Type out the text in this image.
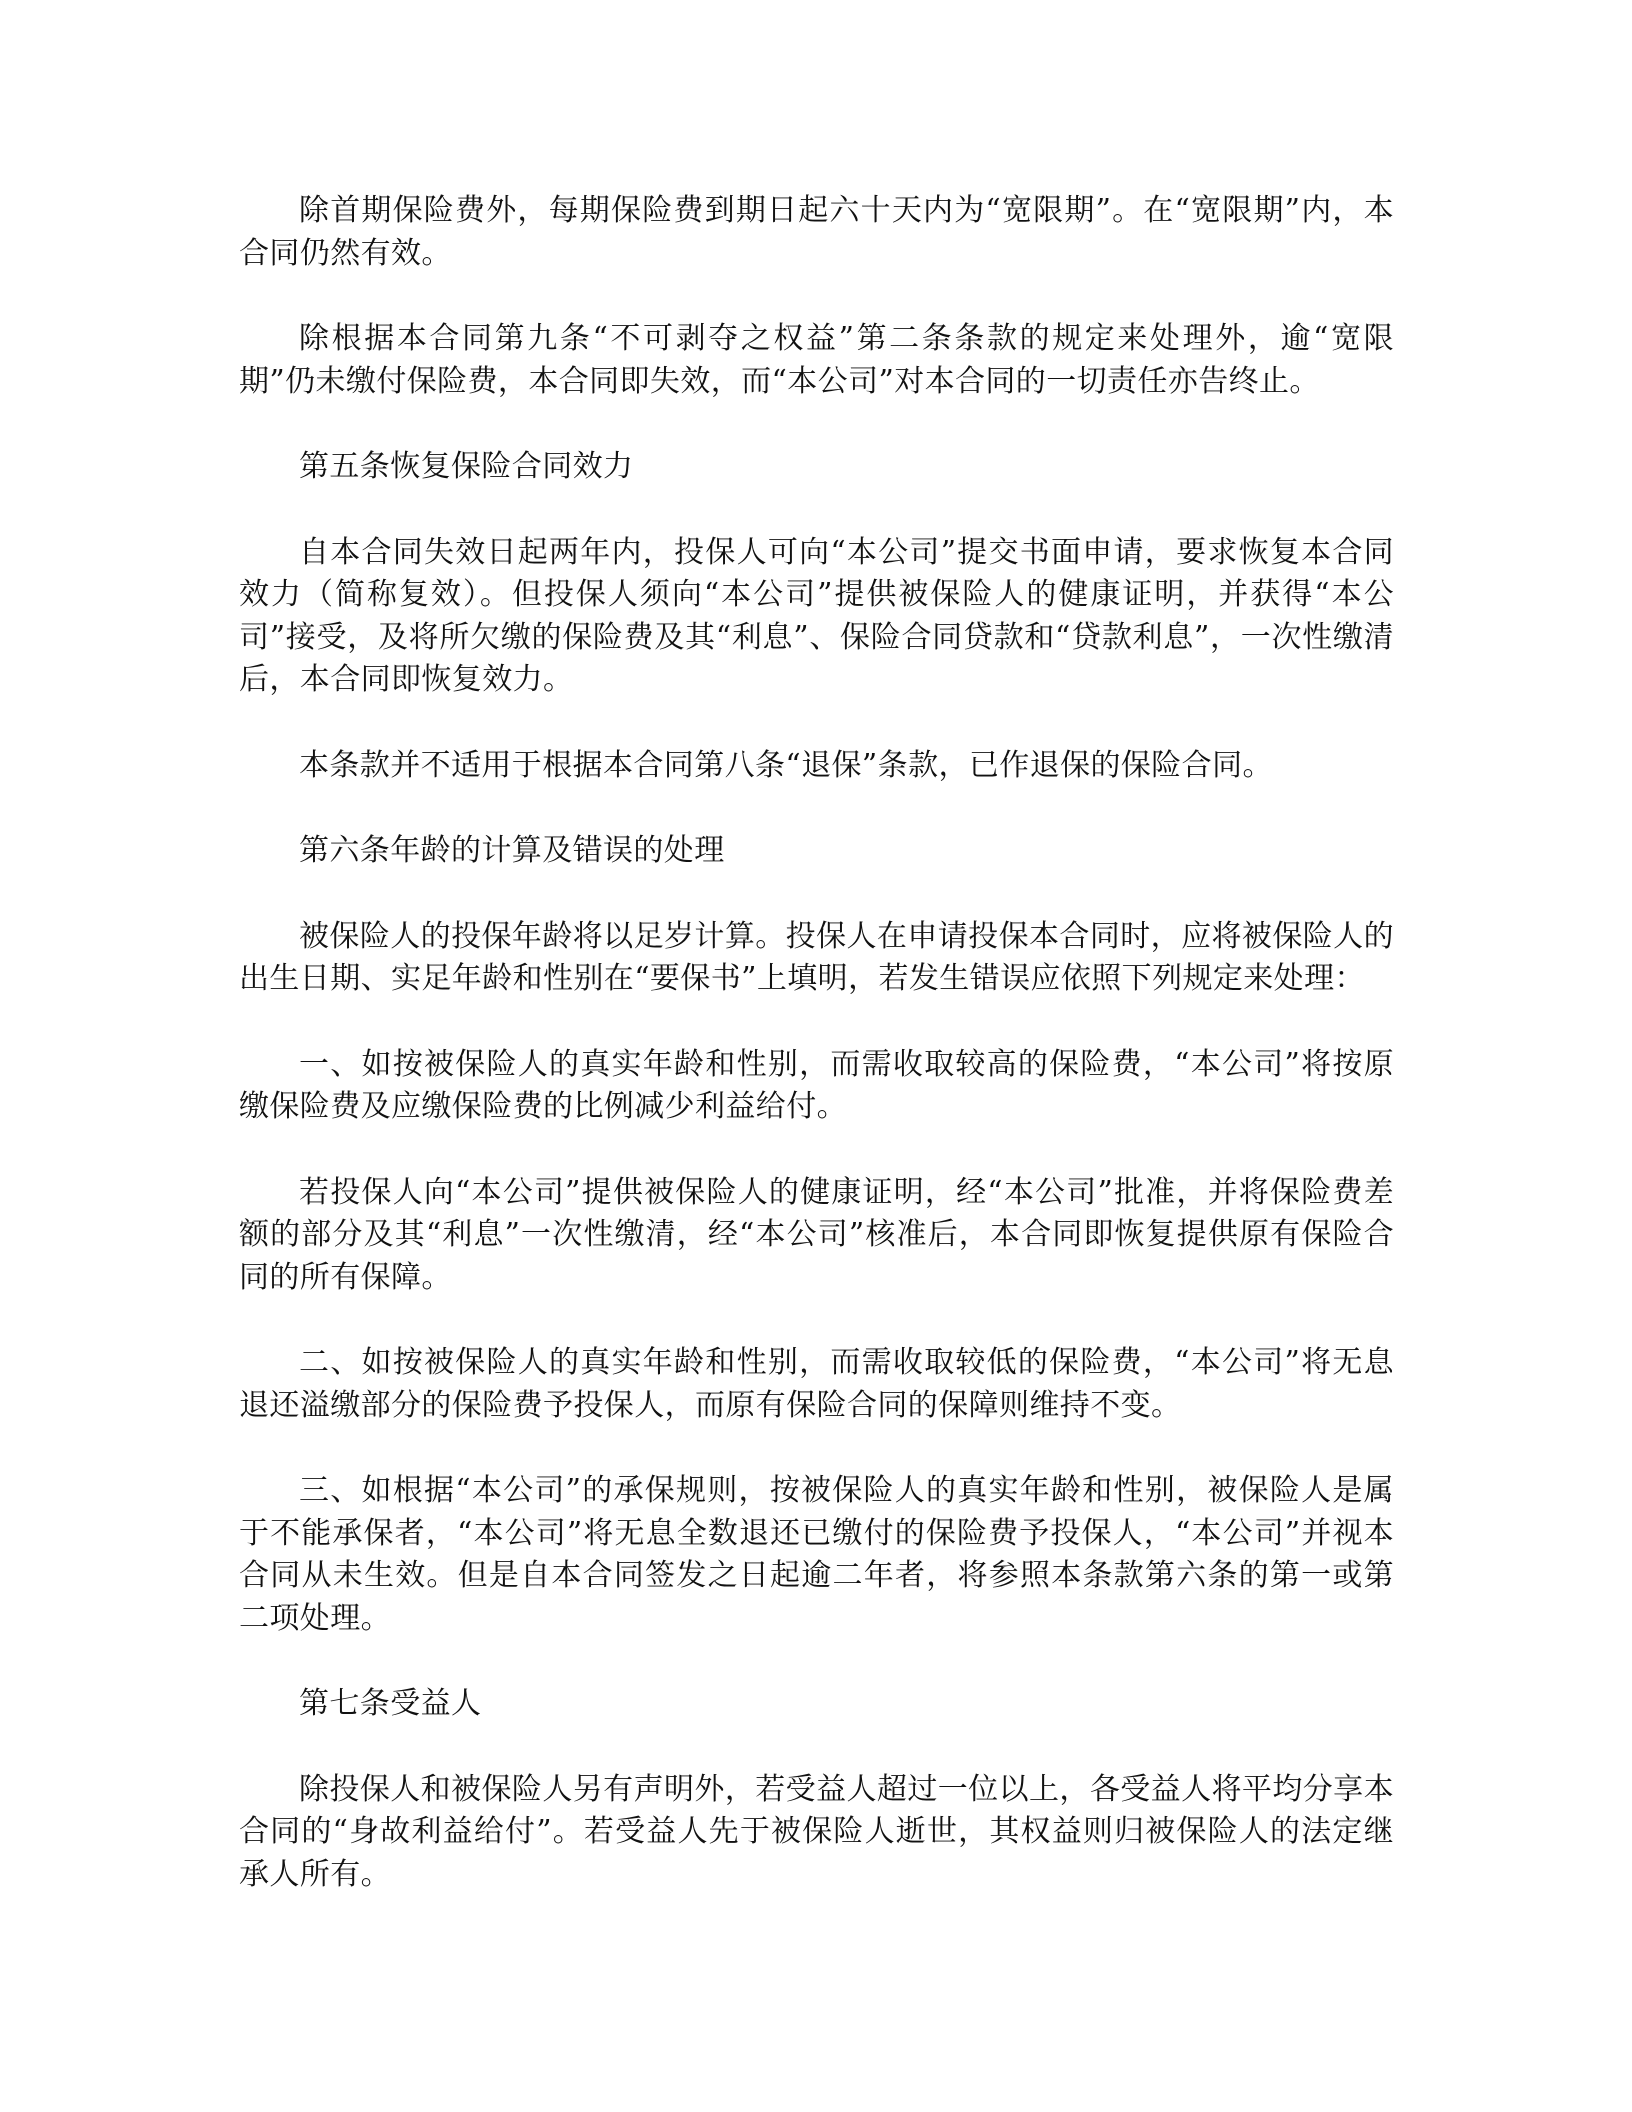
除首期保险费外，每期保险费到期日起六十天内为“宽限期”。在“宽限期”内，本合同仍然有效。

除根据本合同第九条“不可剥夺之权益”第二条条款的规定来处理外，逾“宽限期”仍未缴付保险费，本合同即失效，而“本公司”对本合同的一切责任亦告终止。

第五条恢复保险合同效力

自本合同失效日起两年内，投保人可向“本公司”提交书面申请，要求恢复本合同效力（简称复效）。但投保人须向“本公司”提供被保险人的健康证明，并获得“本公司”接受，及将所欠缴的保险费及其“利息”、保险合同贷款和“贷款利息”，一次性缴清后，本合同即恢复效力。

本条款并不适用于根据本合同第八条“退保”条款，已作退保的保险合同。

第六条年龄的计算及错误的处理

被保险人的投保年龄将以足岁计算。投保人在申请投保本合同时，应将被保险人的出生日期、实足年龄和性别在“要保书”上填明，若发生错误应依照下列规定来处理：

一、如按被保险人的真实年龄和性别，而需收取较高的保险费，“本公司”将按原缴保险费及应缴保险费的比例减少利益给付。

若投保人向“本公司”提供被保险人的健康证明，经“本公司”批准，并将保险费差额的部分及其“利息”一次性缴清，经“本公司”核准后，本合同即恢复提供原有保险合同的所有保障。

二、如按被保险人的真实年龄和性别，而需收取较低的保险费，“本公司”将无息退还溢缴部分的保险费予投保人，而原有保险合同的保障则维持不变。

三、如根据“本公司”的承保规则，按被保险人的真实年龄和性别，被保险人是属于不能承保者，“本公司”将无息全数退还已缴付的保险费予投保人，“本公司”并视本合同从未生效。但是自本合同签发之日起逾二年者，将参照本条款第六条的第一或第二项处理。

第七条受益人

除投保人和被保险人另有声明外，若受益人超过一位以上，各受益人将平均分享本合同的“身故利益给付”。若受益人先于被保险人逝世，其权益则归被保险人的法定继承人所有。
